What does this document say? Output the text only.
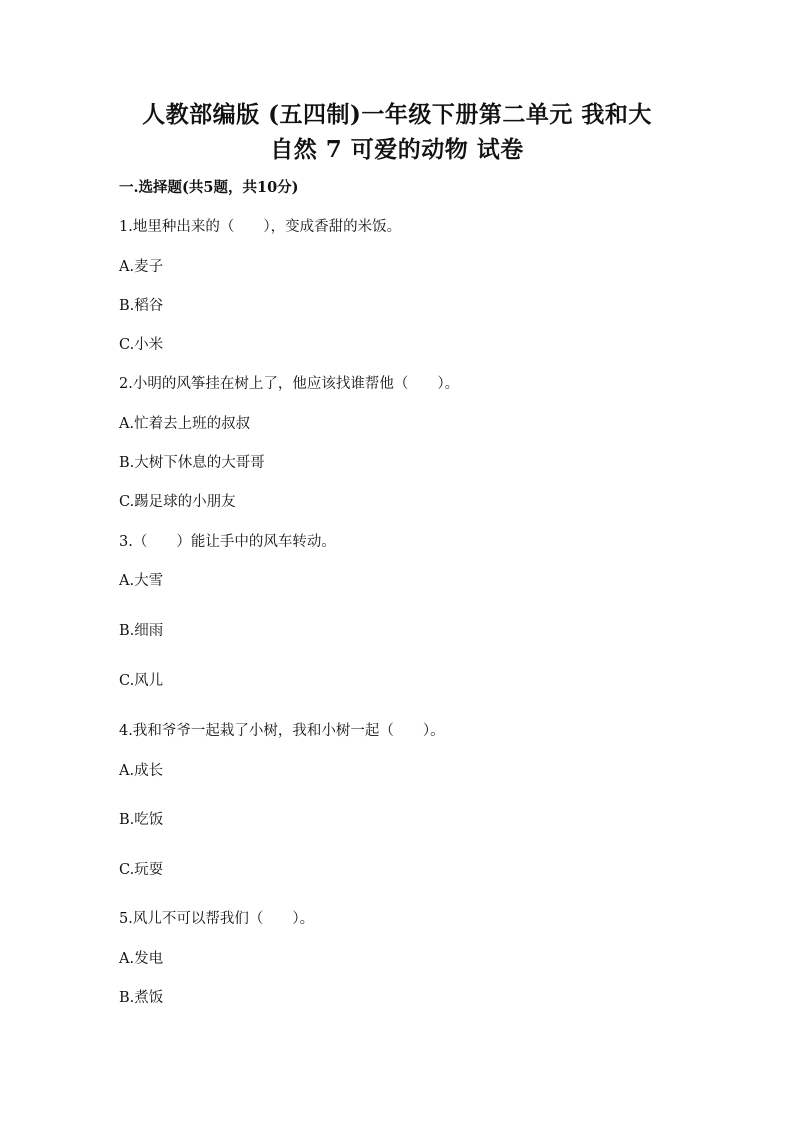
人教部编版 (五四制)一年级下册第二单元 我和大
自然 7 可爱的动物 试卷
一.选择题(共5题，共10分)
1.地里种出来的（　　），变成香甜的米饭。
A.麦子
B.稻谷
C.小米
2.小明的风筝挂在树上了，他应该找谁帮他（　　）。
A.忙着去上班的叔叔
B.大树下休息的大哥哥
C.踢足球的小朋友
3.（　　）能让手中的风车转动。
A.大雪
B.细雨
C.风儿
4.我和爷爷一起栽了小树，我和小树一起（　　）。
A.成长
B.吃饭
C.玩耍
5.风儿不可以帮我们（　　）。
A.发电
B.煮饭
